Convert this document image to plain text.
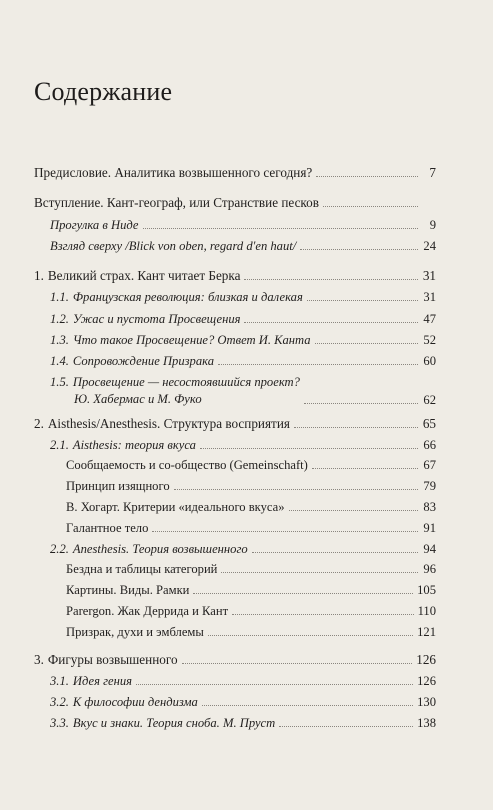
Содержание
Предисловие. Аналитика возвышенного сегодня?	7
Вступление. Кант-географ, или Странствие песков
Прогулка в Ниде	9
Взгляд сверху /Blick von oben, regard d'en haut/	24
1. Великий страх. Кант читает Берка	31
1.1. Французская революция: близкая и далекая	31
1.2. Ужас и пустота Просвещения	47
1.3. Что такое Просвещение? Ответ И. Канта	52
1.4. Сопровождение Призрака	60
1.5. Просвещение — несостоявшийся проект?
Ю. Хабермас и М. Фуко	62
2. Aisthesis/Anesthesis. Структура восприятия	65
2.1. Aisthesis: теория вкуса	66
Сообщаемость и со-общество (Gemeinschaft)	67
Принцип изящного	79
В. Хогарт. Критерии «идеального вкуса»	83
Галантное тело	91
2.2. Anesthesis. Теория возвышенного	94
Бездна и таблицы категорий	96
Картины. Виды. Рамки	105
Parergon. Жак Деррида и Кант	110
Призрак, духи и эмблемы	121
3. Фигуры возвышенного	126
3.1. Идея гения	126
3.2. К философии дендизма	130
3.3. Вкус и знаки. Теория сноба. М. Пруст	138
